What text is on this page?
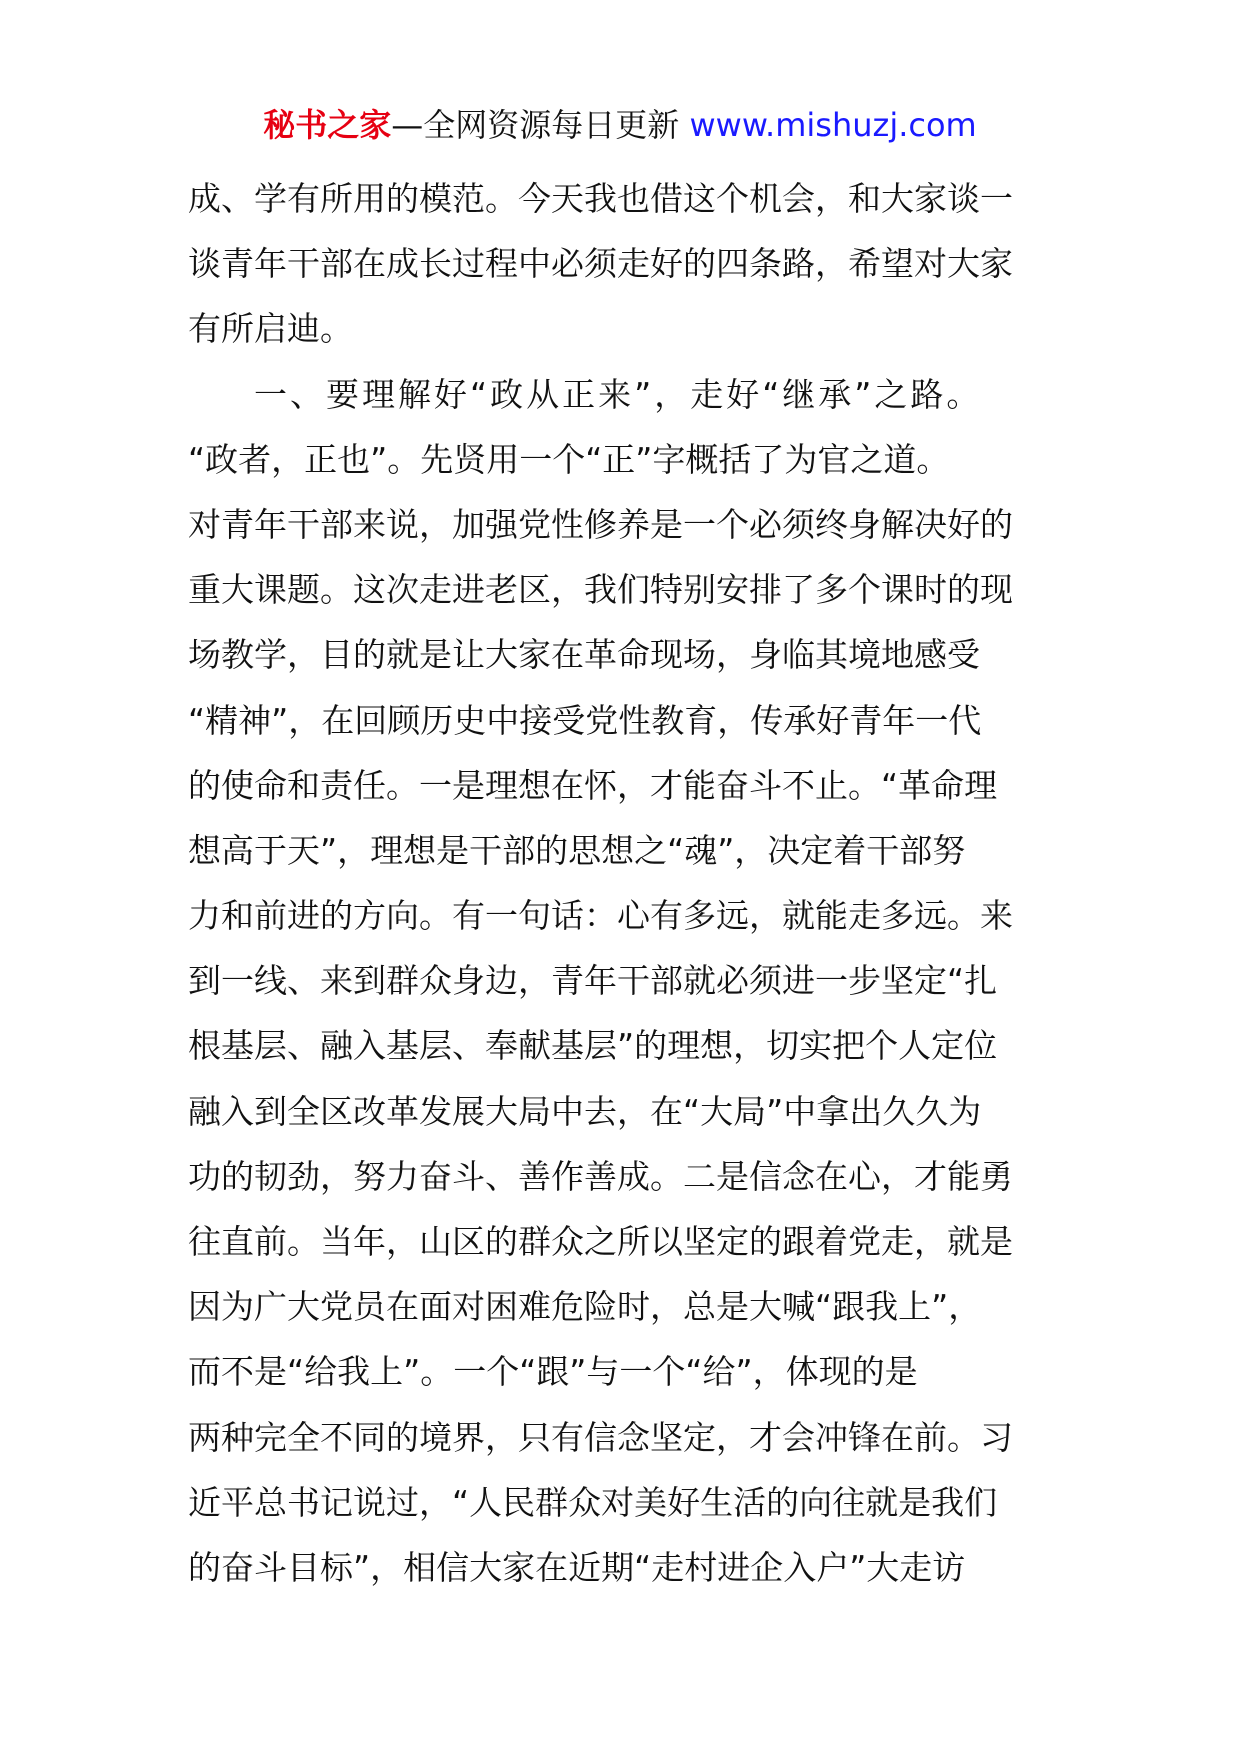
秘书之家—全网资源每日更新 www.mishuzj.com
成、学有所用的模范。今天我也借这个机会，和大家谈一
谈青年干部在成长过程中必须走好的四条路，希望对大家
有所启迪。
一、要理解好“政从正来”，走好“继承”之路。
“政者，正也”。先贤用一个“正”字概括了为官之道。
对青年干部来说，加强党性修养是一个必须终身解决好的
重大课题。这次走进老区，我们特别安排了多个课时的现
场教学，目的就是让大家在革命现场，身临其境地感受
“精神”，在回顾历史中接受党性教育，传承好青年一代
的使命和责任。一是理想在怀，才能奋斗不止。“革命理
想高于天”，理想是干部的思想之“魂”，决定着干部努
力和前进的方向。有一句话：心有多远，就能走多远。来
到一线、来到群众身边，青年干部就必须进一步坚定“扎
根基层、融入基层、奉献基层”的理想，切实把个人定位
融入到全区改革发展大局中去，在“大局”中拿出久久为
功的韧劲，努力奋斗、善作善成。二是信念在心，才能勇
往直前。当年，山区的群众之所以坚定的跟着党走，就是
因为广大党员在面对困难危险时，总是大喊“跟我上”，
而不是“给我上”。一个“跟”与一个“给”，体现的是
两种完全不同的境界，只有信念坚定，才会冲锋在前。习
近平总书记说过，“人民群众对美好生活的向往就是我们
的奋斗目标”，相信大家在近期“走村进企入户”大走访
